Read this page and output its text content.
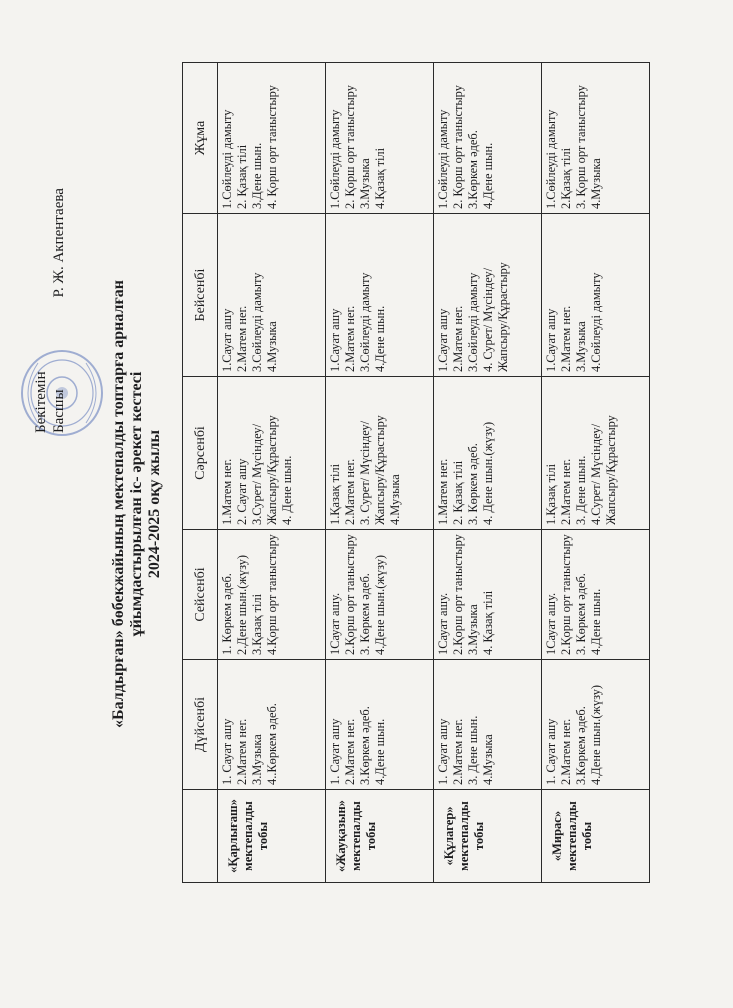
Бекітемін БасшыР. Ж. Акпентаева
«Балдырған» бөбекжайының мектепалды топтарға арналған ұйымдастырылған іс- әрекет кестесі 2024-2025 оқу жылы
	Дүйсенбі	Сейсенбі	Сәрсенбі	Бейсенбі	Жұма

«Қарлығаш» мектепалды тобы	1. Сауат ашу 2.Матем нег. 3.Музыка 4..Көркем әдеб.	1. Көркем әдеб. 2.Дене шын.(жүзу) 3.Қазақ тілі 4.Қорш орт таныстыру	1.Матем нег. 2. Сауат ашу 3.Сурет/ Мүсіндеу/ Жапсыру/Құрастыру 4. Дене шын.	1.Сауат ашу 2.Матем нег. 3.Сөйлеуді дамыту 4.Музыка	1.Сөйлеуді дамыту 2. Қазақ тілі 3.Дене шын. 4. Қорш орт таныстыру

«Жауқазын» мектепалды тобы	1. Сауат ашу 2.Матем нег. 3.Көркем әдеб. 4.Дене шын.	1Сауат ашу. 2.Қорш орт таныстыру 3. Көркем әдеб. 4.Дене шын.(жүзу)	1.Қазақ тілі 2.Матем нег. 3. Сурет/ Мүсіндеу/ Жапсыру/Құрастыру 4.Музыка	1.Сауат ашу 2.Матем нег. 3.Сөйлеуді дамыту 4.Дене шын.	1.Сөйлеуді дамыту 2. Қорш орт таныстыру 3.Музыка 4.Қазақ тілі

«Құлагер» мектепалды тобы	1. Сауат ашу 2.Матем нег. 3. Дене шын. 4.Музыка	1Сауат ашу. 2.Қорш орт таныстыру 3.Музыка 4. Қазақ тілі	1.Матем нег. 2. Қазақ тілі 3. Көркем әдеб. 4. Дене шын.(жүзу)	1.Сауат ашу 2.Матем нег. 3.Сөйлеуді дамыту 4. Сурет/ Мүсіндеу/ Жапсыру/Құрастыру	1.Сөйлеуді дамыту 2. Қорш орт таныстыру 3.Көркем әдеб. 4.Дене шын.

«Мирас» мектепалды тобы	1. Сауат ашу 2.Матем нег. 3.Көркем әдеб. 4.Дене шын.(жүзу)	1Сауат ашу. 2.Қорш орт таныстыру 3. Көркем әдеб. 4.Дене шын.	1.Қазақ тілі 2.Матем нег. 3. Дене шын. 4.Сурет/ Мүсіндеу/ Жапсыру/Құрастыру	1.Сауат ашу 2.Матем нег. 3.Музыка 4.Сөйлеуді дамыту	1.Сөйлеуді дамыту 2.Қазақ тілі 3. Қорш орт таныстыру 4.Музыка
